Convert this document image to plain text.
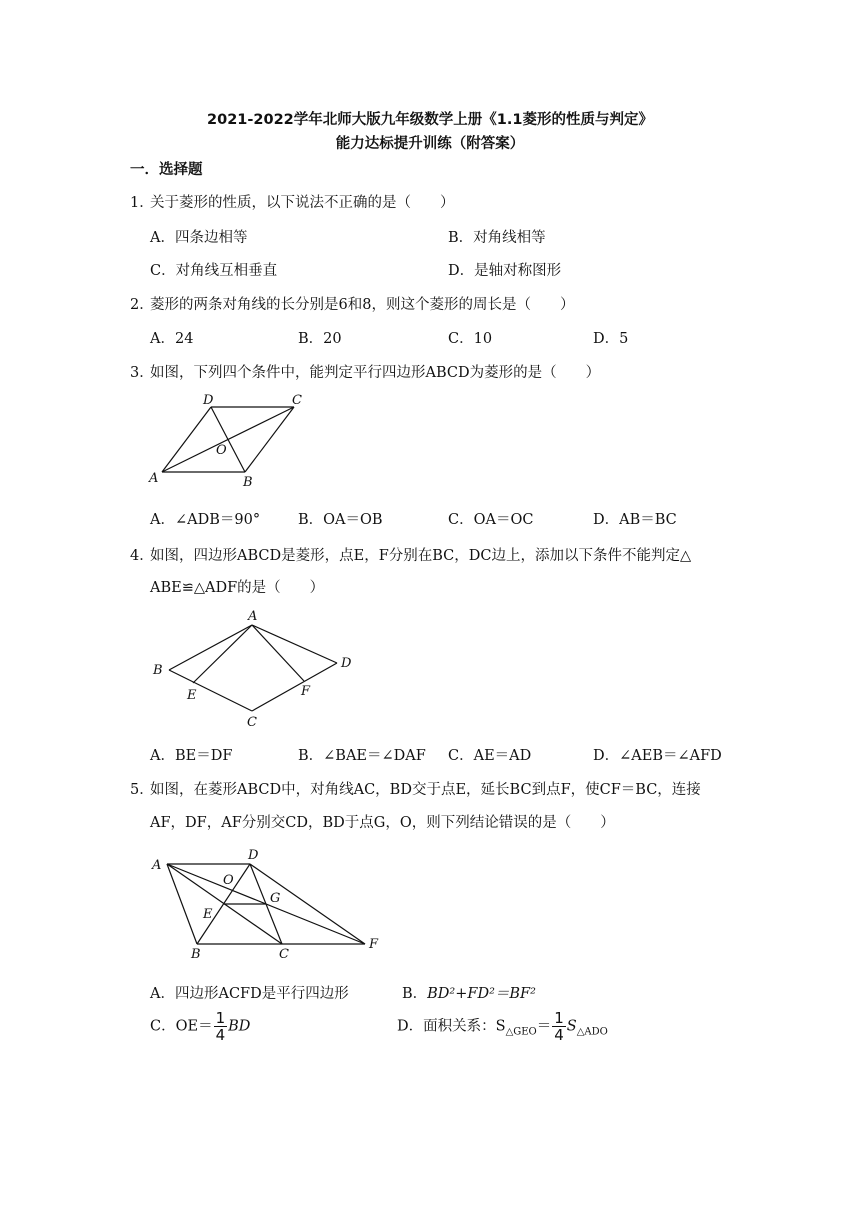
2021-2022学年北师大版九年级数学上册《1.1菱形的性质与判定》
能力达标提升训练（附答案）
一．选择题
1．
关于菱形的性质，以下说法不正确的是（　　）
A．四条边相等	B．对角线相等
C．对角线互相垂直	D．是轴对称图形
2．
菱形的两条对角线的长分别是6和8，则这个菱形的周长是（　　）
A．24	B．20	C．10	D．5
3．
如图，下列四个条件中，能判定平行四边形ABCD为菱形的是（　　）
D	C
O
A	B
A．∠ADB＝90°	B．OA＝OB	C．OA＝OC	D．AB＝BC
4．
如图，四边形ABCD是菱形，点E，F分别在BC，DC边上，添加以下条件不能判定△
ABE≌△ADF的是（　　）
A
B	D
E	F
C
A．BE＝DF	B．∠BAE＝∠DAF C．AE＝AD	D．∠AEB＝∠AFD
5．
如图，在菱形ABCD中，对角线AC，BD交于点E，延长BC到点F，使CF＝BC，连接
AF，DF，AF分别交CD，BD于点G，O，则下列结论错误的是（　　）
A
D
O
G
E
B	C
F
A．四边形ACFD是平行四边形	B．BD²+FD²＝BF²
C．$OE= \frac{1}{4}$ BD	D．面积关系：$S_{\triangle GEO}= \frac{1}{4} S_{\triangle ADO}$
